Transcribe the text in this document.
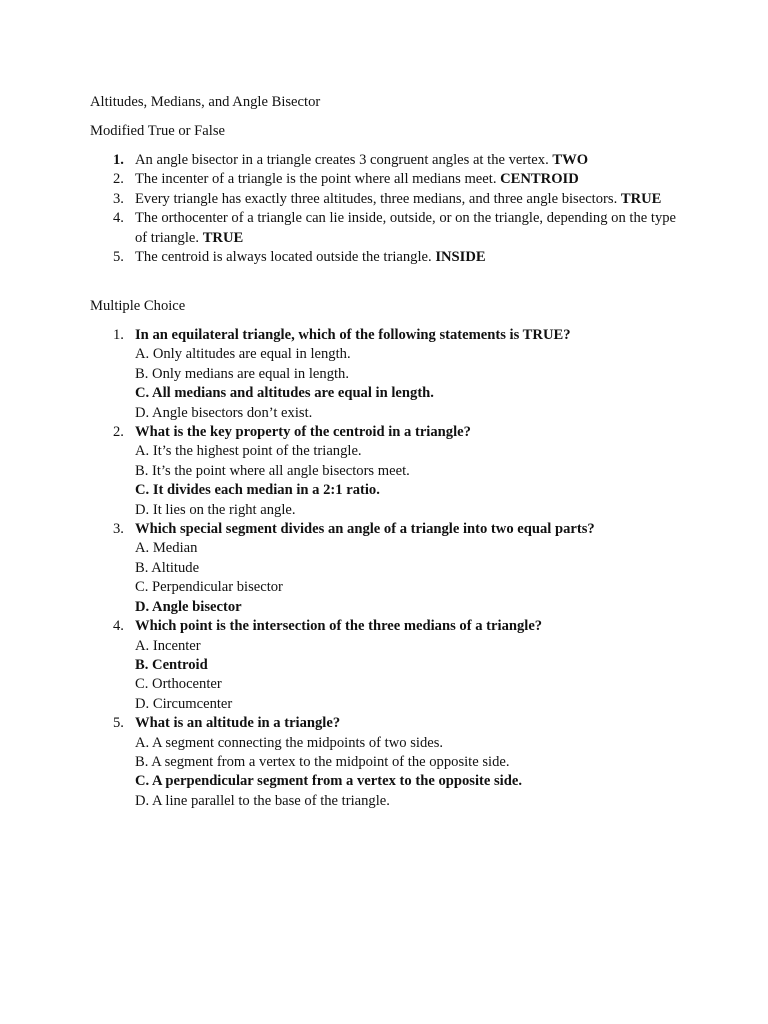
Altitudes, Medians, and Angle Bisector

Modified True or False

1. An angle bisector in a triangle creates 3 congruent angles at the vertex. TWO
2. The incenter of a triangle is the point where all medians meet. CENTROID
3. Every triangle has exactly three altitudes, three medians, and three angle bisectors. TRUE
4. The orthocenter of a triangle can lie inside, outside, or on the triangle, depending on the type of triangle. TRUE
5. The centroid is always located outside the triangle. INSIDE

Multiple Choice

1. In an equilateral triangle, which of the following statements is TRUE?
A. Only altitudes are equal in length.
B. Only medians are equal in length.
C. All medians and altitudes are equal in length.
D. Angle bisectors don’t exist.
2. What is the key property of the centroid in a triangle?
A. It’s the highest point of the triangle.
B. It’s the point where all angle bisectors meet.
C. It divides each median in a 2:1 ratio.
D. It lies on the right angle.
3. Which special segment divides an angle of a triangle into two equal parts?
A. Median
B. Altitude
C. Perpendicular bisector
D. Angle bisector
4. Which point is the intersection of the three medians of a triangle?
A. Incenter
B. Centroid
C. Orthocenter
D. Circumcenter
5. What is an altitude in a triangle?
A. A segment connecting the midpoints of two sides.
B. A segment from a vertex to the midpoint of the opposite side.
C. A perpendicular segment from a vertex to the opposite side.
D. A line parallel to the base of the triangle.
